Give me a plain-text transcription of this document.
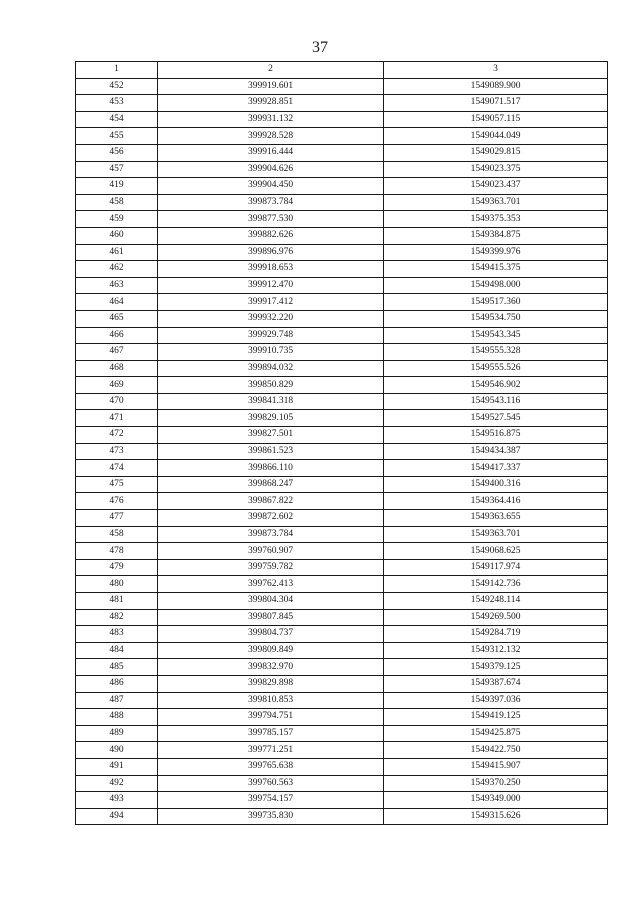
37
1	2	3
452	399919.601	1549089.900
453	399928.851	1549071.517
454	399931.132	1549057.115
455	399928.528	1549044.049
456	399916.444	1549029.815
457	399904.626	1549023.375
419	399904.450	1549023.437
458	399873.784	1549363.701
459	399877.530	1549375.353
460	399882.626	1549384.875
461	399896.976	1549399.976
462	399918.653	1549415.375
463	399912.470	1549498.000
464	399917.412	1549517.360
465	399932.220	1549534.750
466	399929.748	1549543.345
467	399910.735	1549555.328
468	399894.032	1549555.526
469	399850.829	1549546.902
470	399841.318	1549543.116
471	399829.105	1549527.545
472	399827.501	1549516.875
473	399861.523	1549434.387
474	399866.110	1549417.337
475	399868.247	1549400.316
476	399867.822	1549364.416
477	399872.602	1549363.655
458	399873.784	1549363.701
478	399760.907	1549068.625
479	399759.782	1549117.974
480	399762.413	1549142.736
481	399804.304	1549248.114
482	399807.845	1549269.500
483	399804.737	1549284.719
484	399809.849	1549312.132
485	399832.970	1549379.125
486	399829.898	1549387.674
487	399810.853	1549397.036
488	399794.751	1549419.125
489	399785.157	1549425.875
490	399771.251	1549422.750
491	399765.638	1549415.907
492	399760.563	1549370.250
493	399754.157	1549349.000
494	399735.830	1549315.626
